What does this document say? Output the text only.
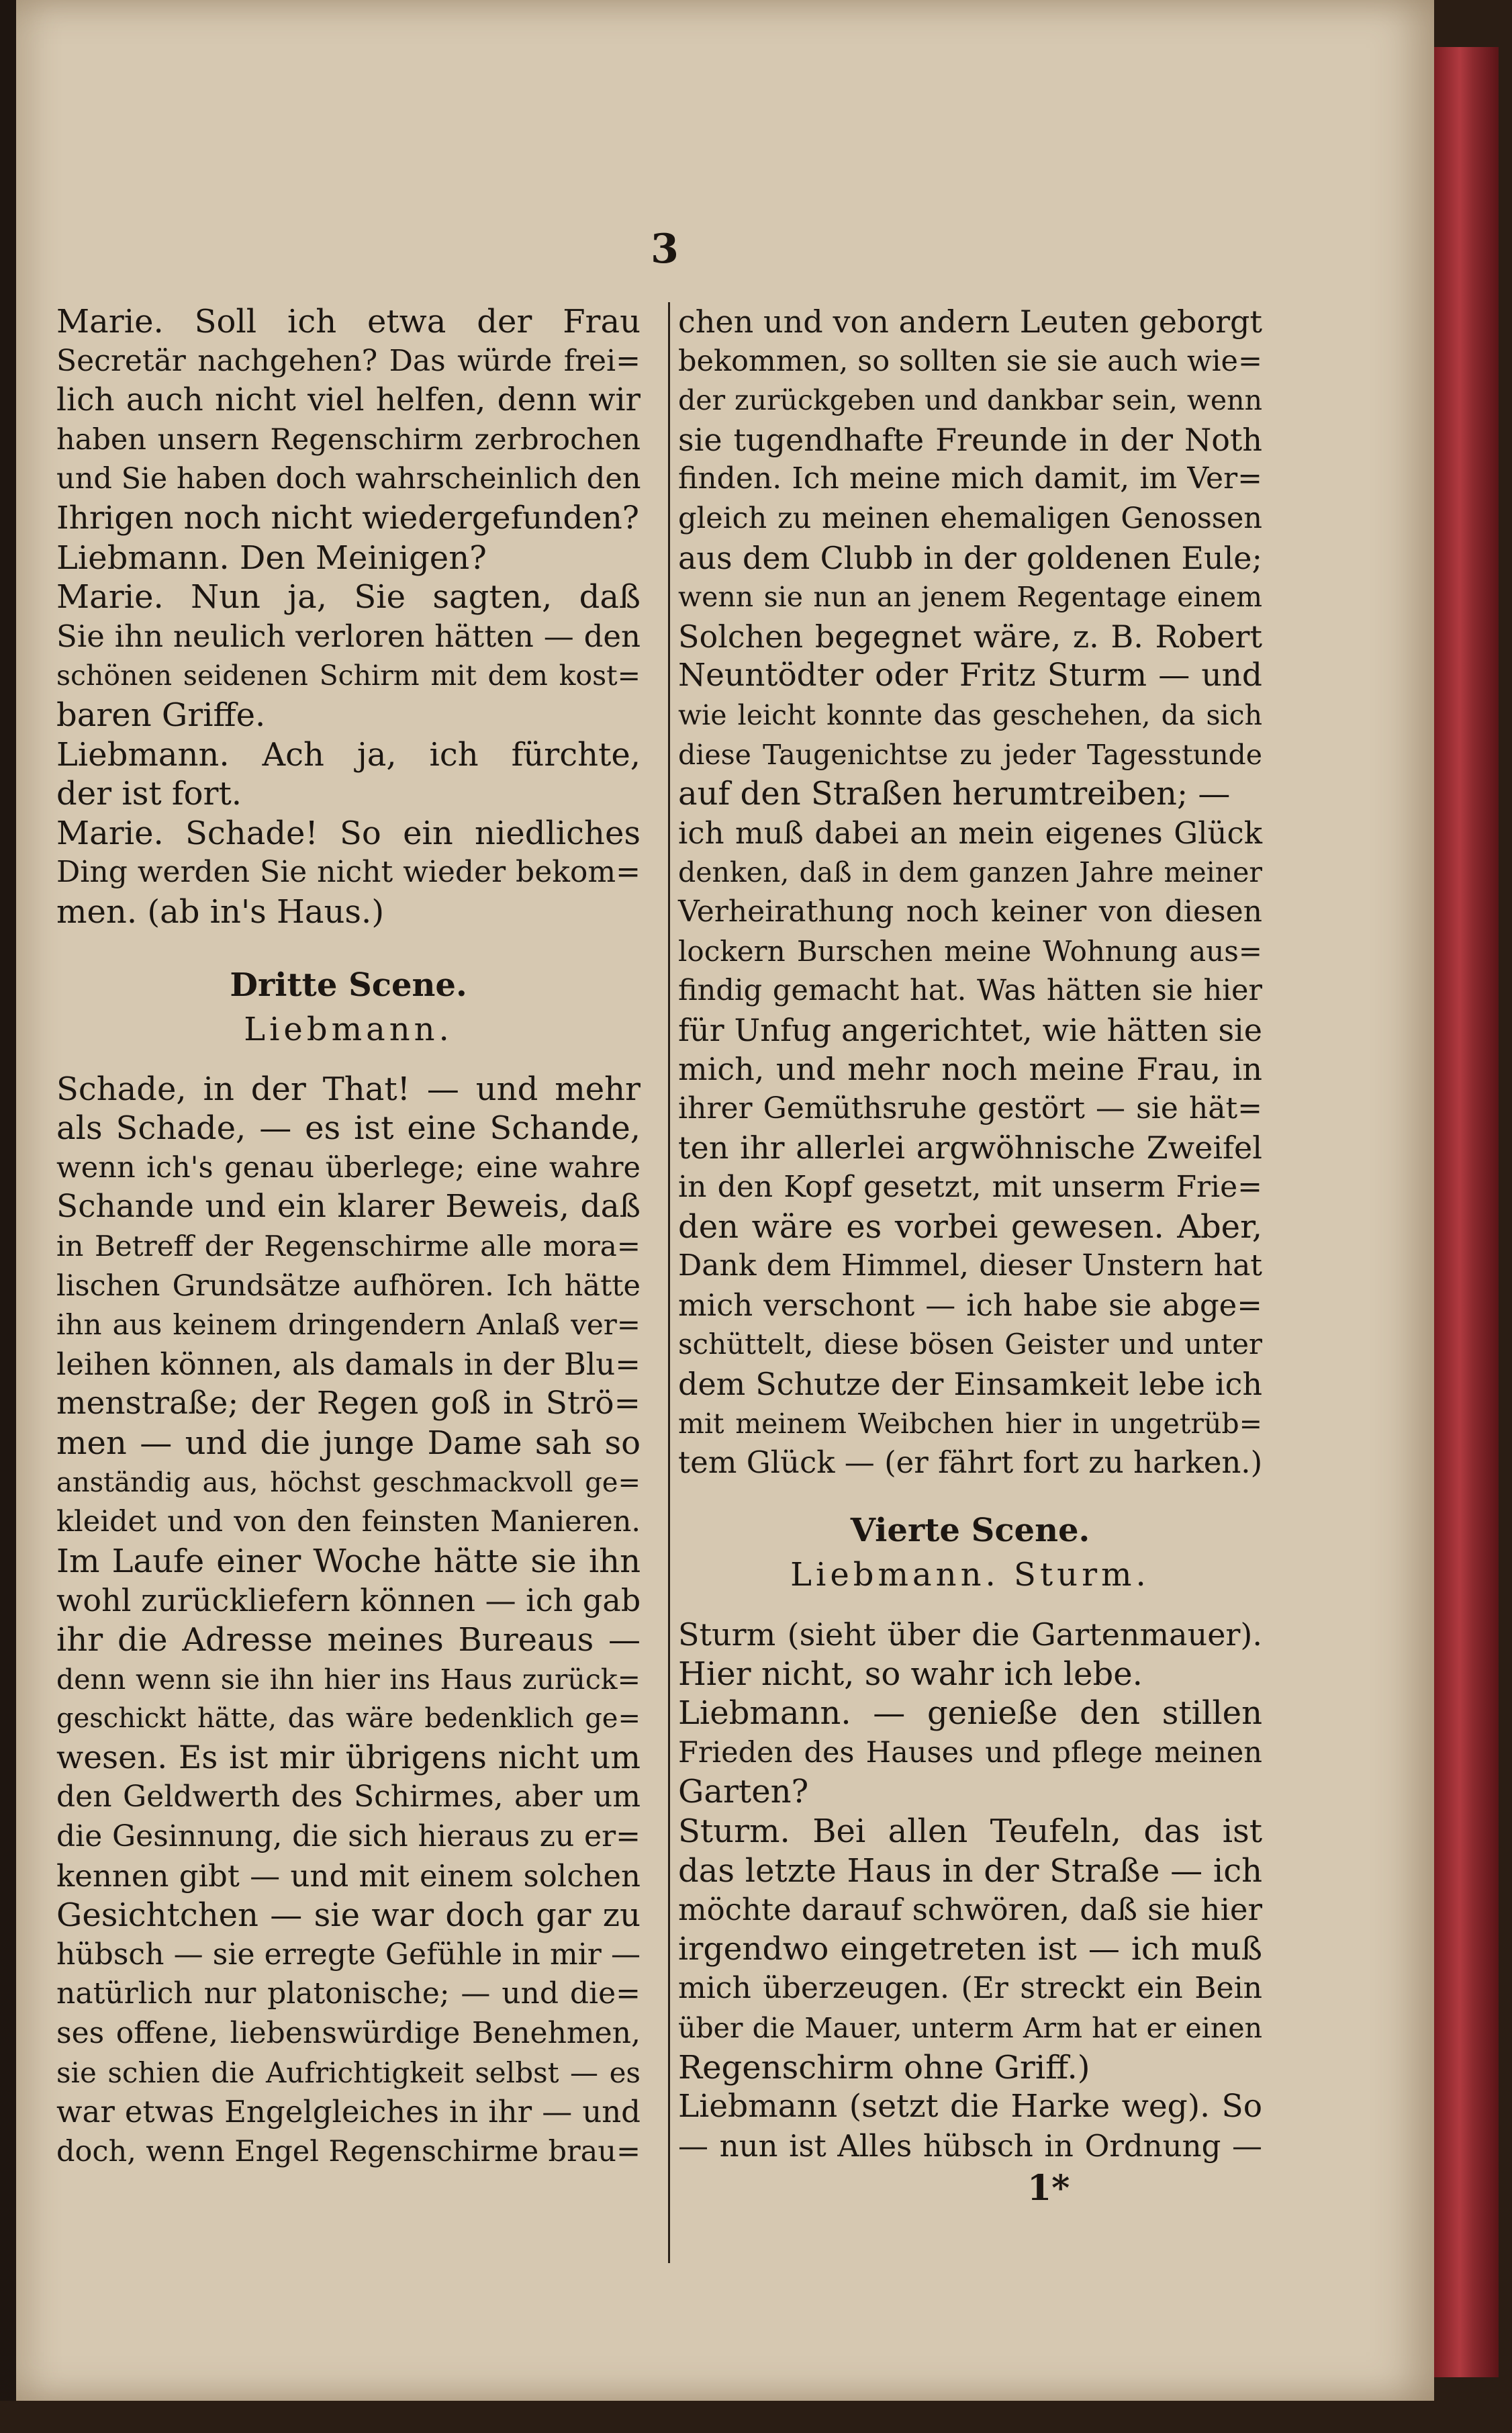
3

Marie. Soll ich etwa der Frau

Secretär nachgehen? Das würde frei=

lich auch nicht viel helfen, denn wir

haben unsern Regenschirm zerbrochen

und Sie haben doch wahrscheinlich den

Ihrigen noch nicht wiedergefunden?

Liebmann. Den Meinigen?

Marie. Nun ja, Sie sagten, daß

Sie ihn neulich verloren hätten — den

schönen seidenen Schirm mit dem kost=

baren Griffe.

Liebmann. Ach ja, ich fürchte,

der ist fort.

Marie. Schade! So ein niedliches

Ding werden Sie nicht wieder bekom=

men. (ab in's Haus.)

Dritte Scene.
Liebmann.

Schade, in der That! — und mehr

als Schade, — es ist eine Schande,

wenn ich's genau überlege; eine wahre

Schande und ein klarer Beweis, daß

in Betreff der Regenschirme alle mora=

lischen Grundsätze aufhören. Ich hätte

ihn aus keinem dringendern Anlaß ver=

leihen können, als damals in der Blu=

menstraße; der Regen goß in Strö=

men — und die junge Dame sah so

anständig aus, höchst geschmackvoll ge=

kleidet und von den feinsten Manieren.

Im Laufe einer Woche hätte sie ihn

wohl zurückliefern können — ich gab

ihr die Adresse meines Bureaus —

denn wenn sie ihn hier ins Haus zurück=

geschickt hätte, das wäre bedenklich ge=

wesen. Es ist mir übrigens nicht um

den Geldwerth des Schirmes, aber um

die Gesinnung, die sich hieraus zu er=

kennen gibt — und mit einem solchen

Gesichtchen — sie war doch gar zu

hübsch — sie erregte Gefühle in mir —

natürlich nur platonische; — und die=

ses offene, liebenswürdige Benehmen,

sie schien die Aufrichtigkeit selbst — es

war etwas Engelgleiches in ihr — und

doch, wenn Engel Regenschirme brau=

chen und von andern Leuten geborgt

bekommen, so sollten sie sie auch wie=

der zurückgeben und dankbar sein, wenn

sie tugendhafte Freunde in der Noth

finden. Ich meine mich damit, im Ver=

gleich zu meinen ehemaligen Genossen

aus dem Clubb in der goldenen Eule;

wenn sie nun an jenem Regentage einem

Solchen begegnet wäre, z. B. Robert

Neuntödter oder Fritz Sturm — und

wie leicht konnte das geschehen, da sich

diese Taugenichtse zu jeder Tagesstunde

auf den Straßen herumtreiben; —

ich muß dabei an mein eigenes Glück

denken, daß in dem ganzen Jahre meiner

Verheirathung noch keiner von diesen

lockern Burschen meine Wohnung aus=

findig gemacht hat. Was hätten sie hier

für Unfug angerichtet, wie hätten sie

mich, und mehr noch meine Frau, in

ihrer Gemüthsruhe gestört — sie hät=

ten ihr allerlei argwöhnische Zweifel

in den Kopf gesetzt, mit unserm Frie=

den wäre es vorbei gewesen. Aber,

Dank dem Himmel, dieser Unstern hat

mich verschont — ich habe sie abge=

schüttelt, diese bösen Geister und unter

dem Schutze der Einsamkeit lebe ich

mit meinem Weibchen hier in ungetrüb=

tem Glück — (er fährt fort zu harken.)

Vierte Scene.
Liebmann. Sturm.

Sturm (sieht über die Gartenmauer).

Hier nicht, so wahr ich lebe.

Liebmann. — genieße den stillen

Frieden des Hauses und pflege meinen

Garten?

Sturm. Bei allen Teufeln, das ist

das letzte Haus in der Straße — ich

möchte darauf schwören, daß sie hier

irgendwo eingetreten ist — ich muß

mich überzeugen. (Er streckt ein Bein

über die Mauer, unterm Arm hat er einen

Regenschirm ohne Griff.)

Liebmann (setzt die Harke weg). So

— nun ist Alles hübsch in Ordnung —

1*
